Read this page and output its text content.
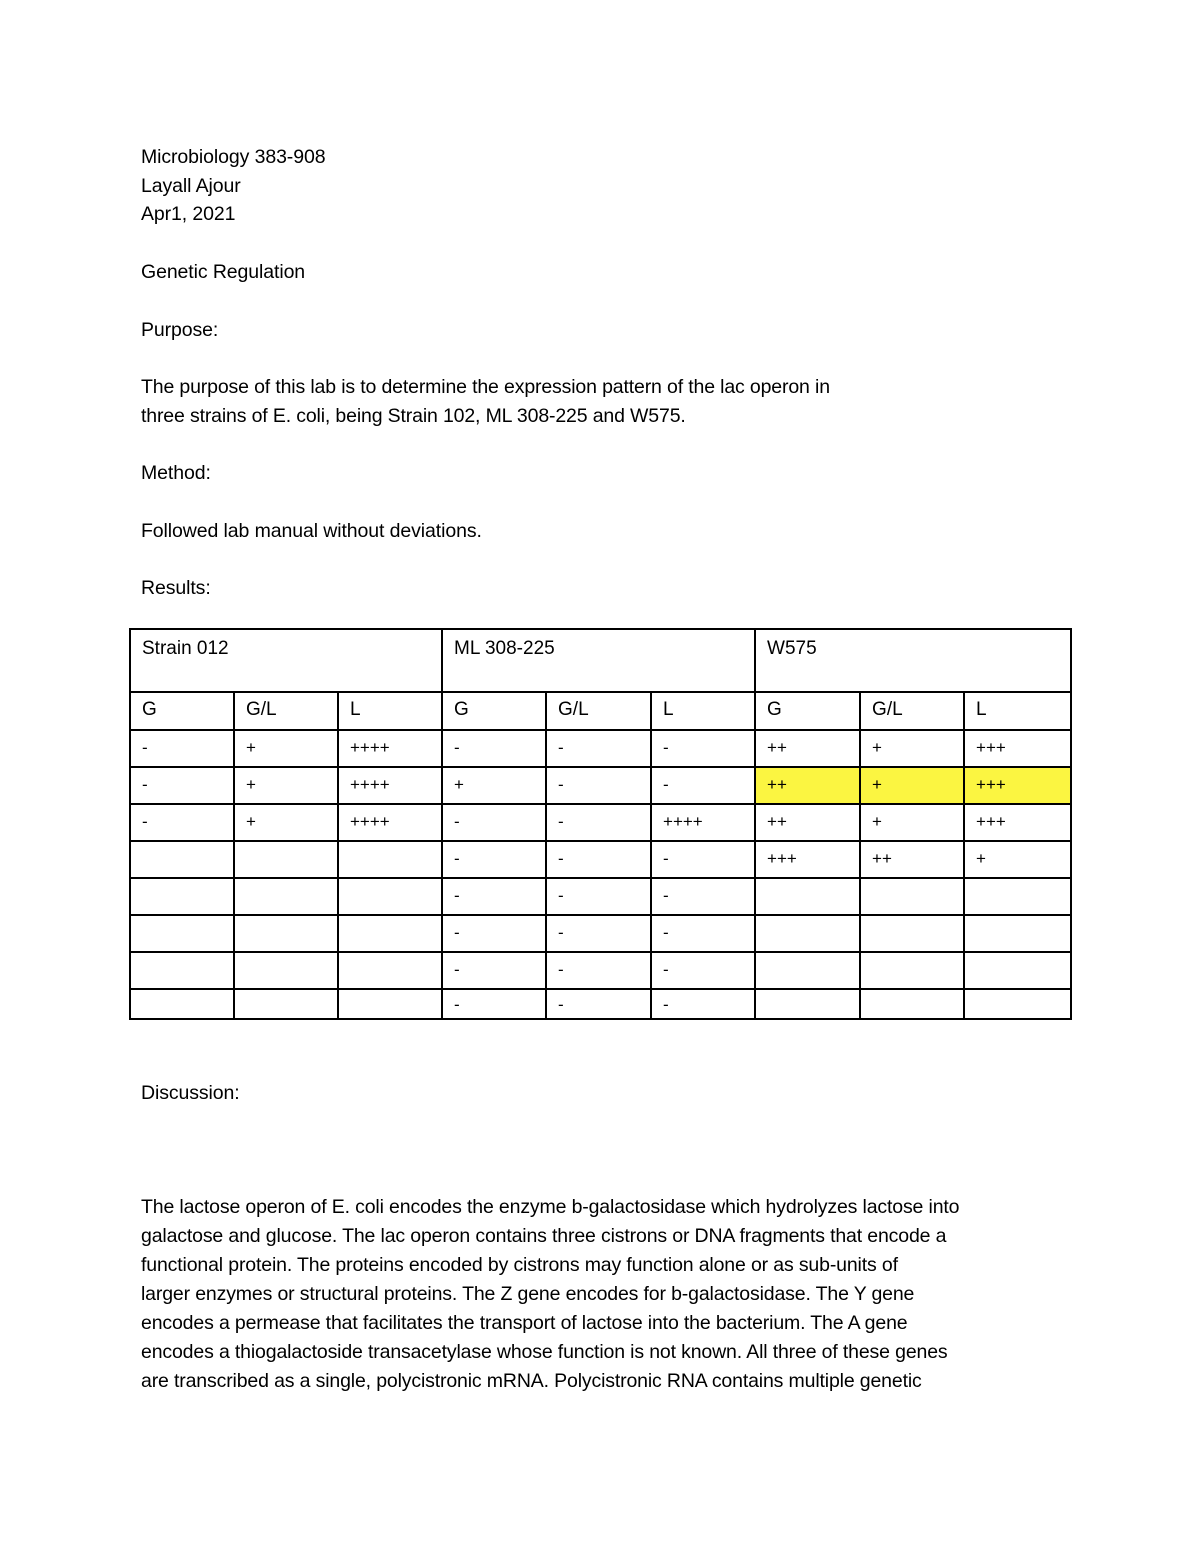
Microbiology 383-908
Layall Ajour
Apr1, 2021
Genetic Regulation
Purpose:
The purpose of this lab is to determine the expression pattern of the lac operon in
three strains of E. coli, being Strain 102, ML 308-225 and W575.
Method:
Followed lab manual without deviations.
Results:
Strain 012			ML 308-225			W575		
G	G/L	L	G	G/L	L	G	G/L	L
-	+	++++	-	-	-	++	+	+++
-	+	++++	+	-	-	++	+	+++
-	+	++++	-	-	++++	++	+	+++
			-	-	-	+++	++	+
			-	-	-			
			-	-	-			
			-	-	-			
			-	-	-			
Discussion:
The lactose operon of E. coli encodes the enzyme b-galactosidase which hydrolyzes lactose into
galactose and glucose. The lac operon contains three cistrons or DNA fragments that encode a
functional protein. The proteins encoded by cistrons may function alone or as sub-units of
larger enzymes or structural proteins. The Z gene encodes for b-galactosidase. The Y gene
encodes a permease that facilitates the transport of lactose into the bacterium. The A gene
encodes a thiogalactoside transacetylase whose function is not known. All three of these genes
are transcribed as a single, polycistronic mRNA. Polycistronic RNA contains multiple genetic
